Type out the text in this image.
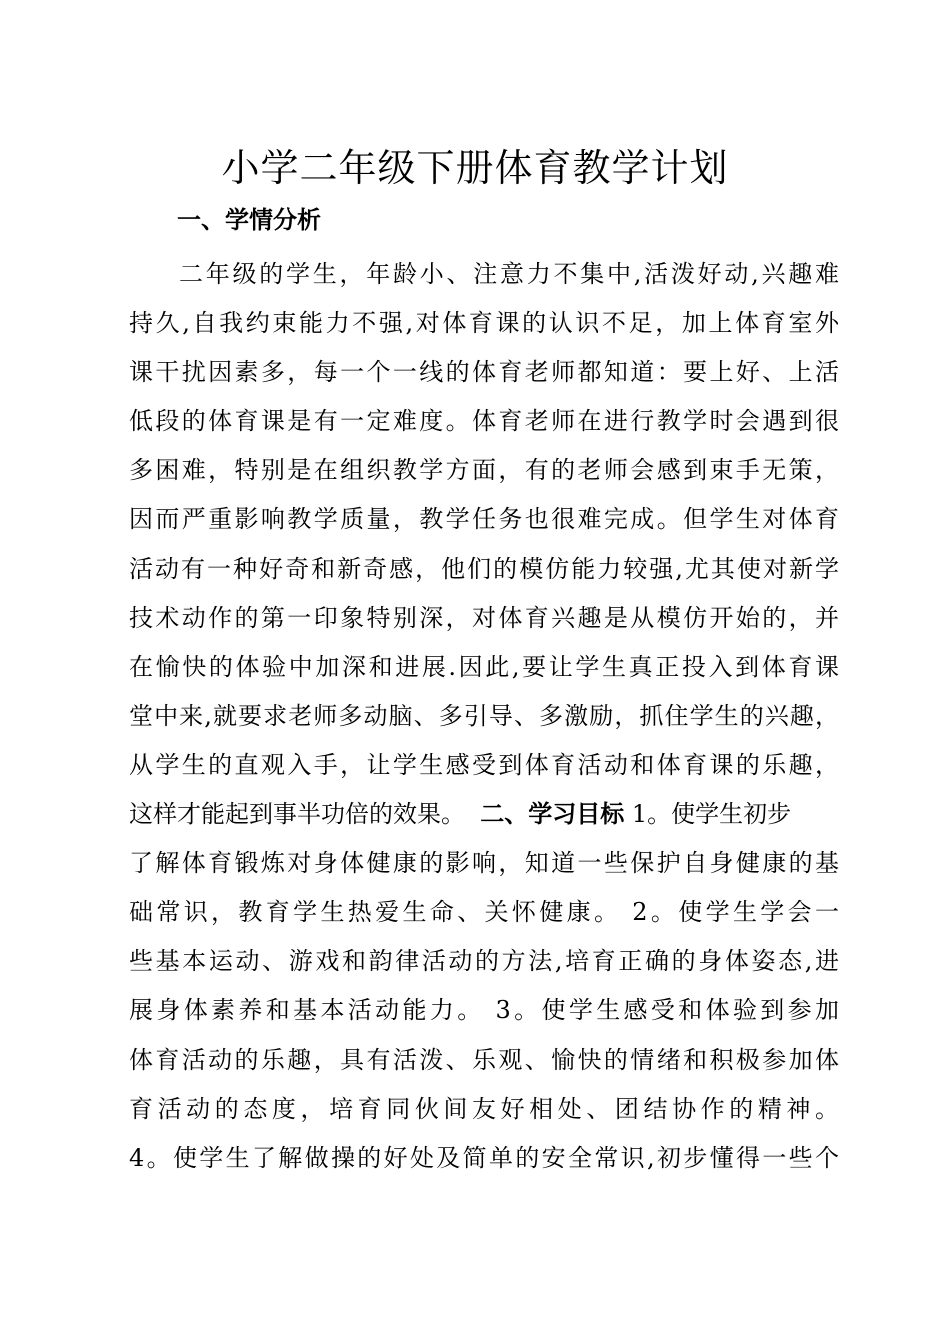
小学二年级下册体育教学计划
一、学情分析
二年级的学生，年龄小、注意力不集中,活泼好动,兴趣难
持久,自我约束能力不强,对体育课的认识不足，加上体育室外
课干扰因素多，每一个一线的体育老师都知道：要上好、上活
低段的体育课是有一定难度。体育老师在进行教学时会遇到很
多困难，特别是在组织教学方面，有的老师会感到束手无策，
因而严重影响教学质量，教学任务也很难完成。但学生对体育
活动有一种好奇和新奇感，他们的模仿能力较强,尤其使对新学
技术动作的第一印象特别深，对体育兴趣是从模仿开始的，并
在愉快的体验中加深和进展.因此,要让学生真正投入到体育课
堂中来,就要求老师多动脑、多引导、多激励，抓住学生的兴趣，
从学生的直观入手，让学生感受到体育活动和体育课的乐趣，
这样才能起到事半功倍的效果。
二、学习目标
1。使学生初步
了解体育锻炼对身体健康的影响，知道一些保护自身健康的基
础常识，教育学生热爱生命、关怀健康。 2。使学生学会一
些基本运动、游戏和韵律活动的方法,培育正确的身体姿态,进
展身体素养和基本活动能力。 3。使学生感受和体验到参加
体育活动的乐趣，具有活泼、乐观、愉快的情绪和积极参加体
育活动的态度，培育同伙间友好相处、团结协作的精神。
4。使学生了解做操的好处及简单的安全常识,初步懂得一些个
